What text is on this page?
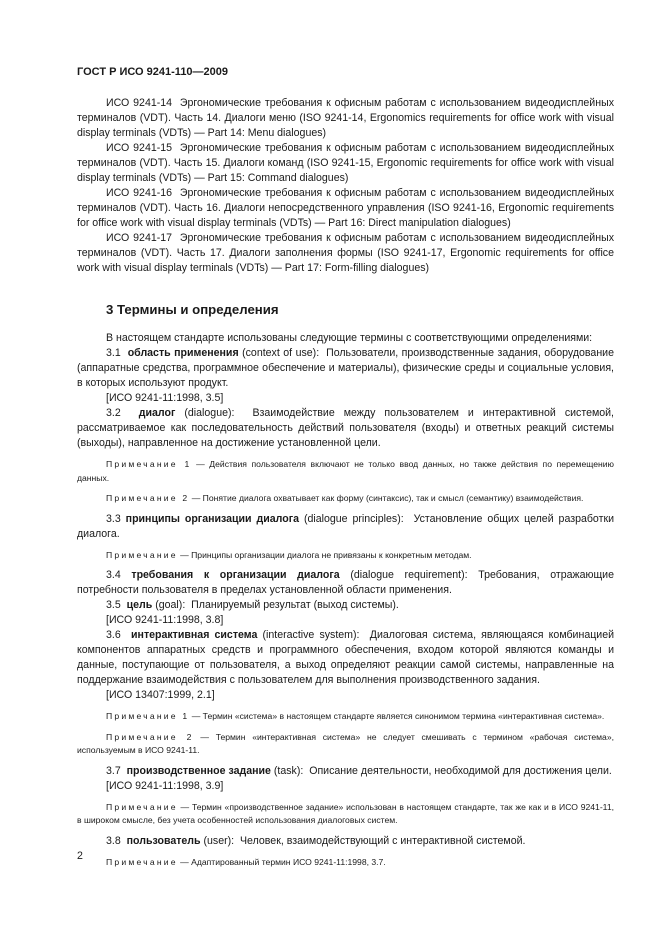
ГОСТ Р ИСО 9241-110—2009

ИСО 9241-14 Эргономические требования к офисным работам с использованием видеодисплейных терминалов (VDT). Часть 14. Диалоги меню (ISO 9241-14, Ergonomics requirements for office work with visual display terminals (VDTs) — Part 14: Menu dialogues)

ИСО 9241-15 Эргономические требования к офисным работам с использованием видеодисплейных терминалов (VDT). Часть 15. Диалоги команд (ISO 9241-15, Ergonomic requirements for office work with visual display terminals (VDTs) — Part 15: Command dialogues)

ИСО 9241-16 Эргономические требования к офисным работам с использованием видеодисплейных терминалов (VDT). Часть 16. Диалоги непосредственного управления (ISO 9241-16, Ergonomic requirements for office work with visual display terminals (VDTs) — Part 16: Direct manipulation dialogues)

ИСО 9241-17 Эргономические требования к офисным работам с использованием видеодисплейных терминалов (VDT). Часть 17. Диалоги заполнения формы (ISO 9241-17, Ergonomic requirements for office work with visual display terminals (VDTs) — Part 17: Form-filling dialogues)

3 Термины и определения

В настоящем стандарте использованы следующие термины с соответствующими определениями:

3.1 область применения (context of use): Пользователи, производственные задания, оборудование (аппаратные средства, программное обеспечение и материалы), физические среды и социальные условия, в которых используют продукт.

[ИСО 9241-11:1998, 3.5]

3.2 диалог (dialogue): Взаимодействие между пользователем и интерактивной системой, рассматриваемое как последовательность действий пользователя (входы) и ответных реакций системы (выходы), направленное на достижение установленной цели.

Примечание 1 — Действия пользователя включают не только ввод данных, но также действия по перемещению данных.

Примечание 2 — Понятие диалога охватывает как форму (синтаксис), так и смысл (семантику) взаимодействия.

3.3 принципы организации диалога (dialogue principles): Установление общих целей разработки диалога.

Примечание — Принципы организации диалога не привязаны к конкретным методам.

3.4 требования к организации диалога (dialogue requirement): Требования, отражающие потребности пользователя в пределах установленной области применения.

3.5 цель (goal): Планируемый результат (выход системы).

[ИСО 9241-11:1998, 3.8]

3.6 интерактивная система (interactive system): Диалоговая система, являющаяся комбинацией компонентов аппаратных средств и программного обеспечения, входом которой являются команды и данные, поступающие от пользователя, а выход определяют реакции самой системы, направленные на поддержание взаимодействия с пользователем для выполнения производственного задания.

[ИСО 13407:1999, 2.1]

Примечание 1 — Термин «система» в настоящем стандарте является синонимом термина «интерактивная система».

Примечание 2 — Термин «интерактивная система» не следует смешивать с термином «рабочая система», используемым в ИСО 9241-11.

3.7 производственное задание (task): Описание деятельности, необходимой для достижения цели.

[ИСО 9241-11:1998, 3.9]

Примечание — Термин «производственное задание» использован в настоящем стандарте, так же как и в ИСО 9241-11, в широком смысле, без учета особенностей использования диалоговых систем.

3.8 пользователь (user): Человек, взаимодействующий с интерактивной системой.

Примечание — Адаптированный термин ИСО 9241-11:1998, 3.7.

2
